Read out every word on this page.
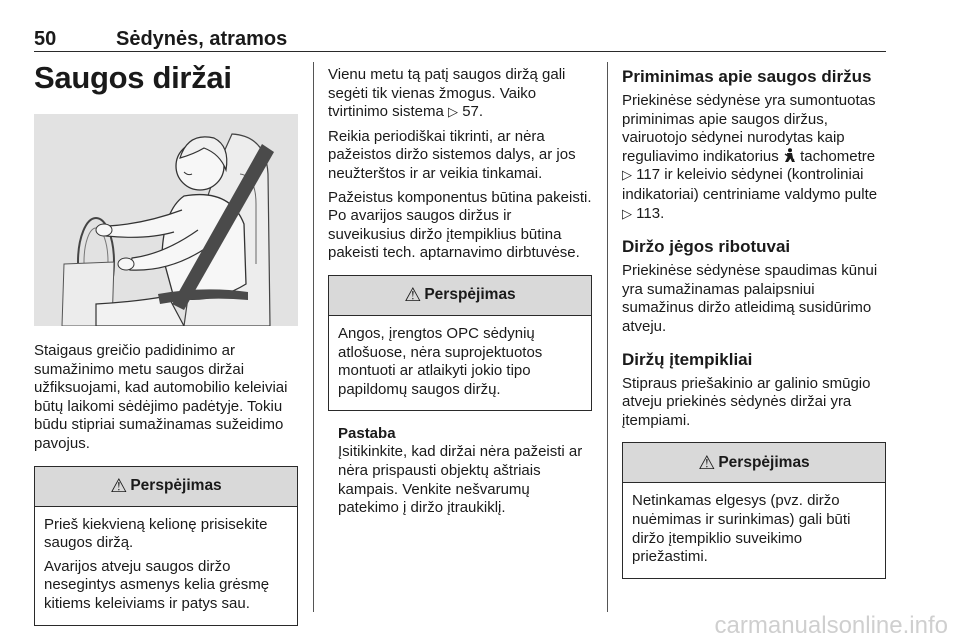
50	Sėdynės, atramos
Saugos diržai
Staigaus greičio padidinimo ar sumažinimo metu saugos diržai užfiksuojami, kad automobilio keleiviai būtų laikomi sėdėjimo padėtyje. Tokiu būdu stipriai sumažinamas sužeidimo pavojus.
⚠ Perspėjimas
Prieš kiekvieną kelionę prisisekite saugos diržą.
Avarijos atveju saugos diržo nesegintys asmenys kelia grėsmę kitiems keleiviams ir patys sau.
Vienu metu tą patį saugos diržą gali segėti tik vienas žmogus. Vaiko tvirtinimo sistema ▷ 57.
Reikia periodiškai tikrinti, ar nėra pažeistos diržo sistemos dalys, ar jos neužterštos ir ar veikia tinkamai.
Pažeistus komponentus būtina pakeisti. Po avarijos saugos diržus ir suveikusius diržo įtempiklius būtina pakeisti tech. aptarnavimo dirbtuvėse.
⚠ Perspėjimas
Angos, įrengtos OPC sėdynių atlošuose, nėra suprojektuotos montuoti ar atlaikyti jokio tipo papildomų saugos diržų.
Pastaba
Įsitikinkite, kad diržai nėra pažeisti ar nėra prispausti objektų aštriais kampais. Venkite nešvarumų patekimo į diržo įtraukiklį.
Priminimas apie saugos diržus
Priekinėse sėdynėse yra sumontuotas priminimas apie saugos diržus, vairuotojo sėdynei nurodytas kaip reguliavimo indikatorius  tachometre ▷ 117 ir keleivio sėdynei (kontroliniai indikatoriai) centriniame valdymo pulte ▷ 113.
Diržo jėgos ribotuvai
Priekinėse sėdynėse spaudimas kūnui yra sumažinamas palaipsniui sumažinus diržo atleidimą susidūrimo atveju.
Diržų įtempikliai
Stipraus priešakinio ar galinio smūgio atveju priekinės sėdynės diržai yra įtempiami.
⚠ Perspėjimas
Netinkamas elgesys (pvz. diržo nuėmimas ir surinkimas) gali būti diržo įtempiklio suveikimo priežastimi.
carmanualsonline.info
